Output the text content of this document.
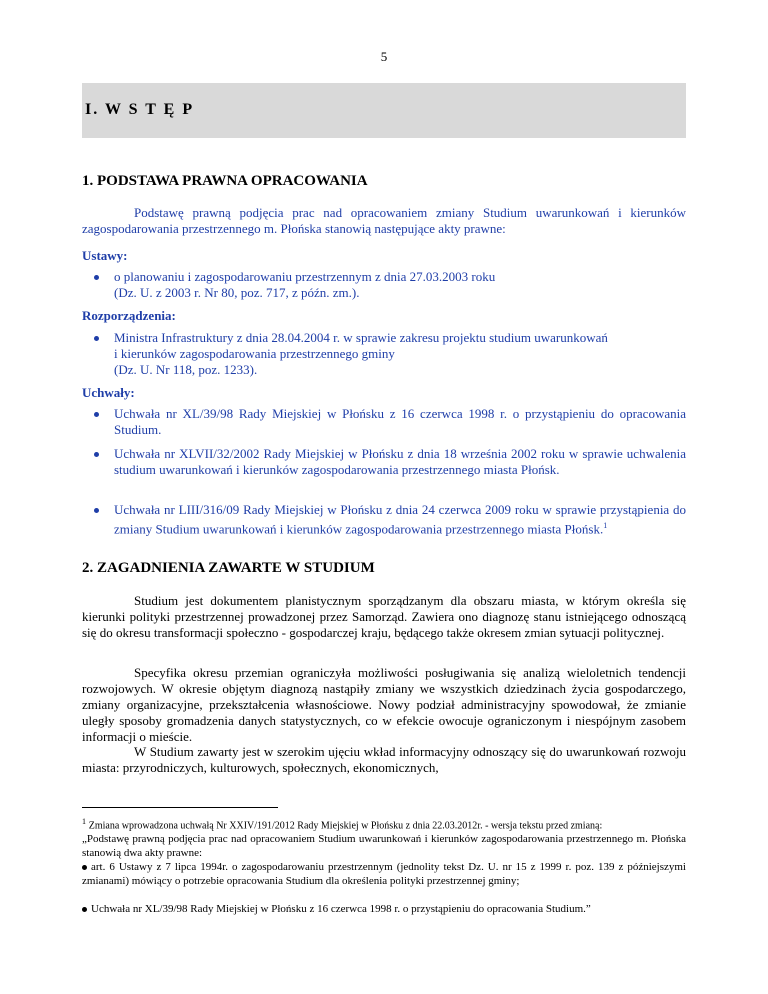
5
I. W S T Ę P
1. PODSTAWA PRAWNA OPRACOWANIA
Podstawę prawną podjęcia prac nad opracowaniem zmiany Studium uwarunkowań i kierunków zagospodarowania przestrzennego m. Płońska stanowią następujące akty prawne:
Ustawy:
o planowaniu i zagospodarowaniu przestrzennym z dnia 27.03.2003 roku
(Dz. U. z 2003 r. Nr 80, poz. 717, z późn. zm.).
Rozporządzenia:
Ministra Infrastruktury z dnia 28.04.2004 r. w sprawie zakresu projektu studium uwarunkowań
i kierunków zagospodarowania przestrzennego gminy
(Dz. U. Nr 118, poz. 1233).
Uchwały:
Uchwała nr XL/39/98 Rady Miejskiej w Płońsku z 16 czerwca 1998 r. o przystąpieniu do opracowania Studium.
Uchwała nr XLVII/32/2002 Rady Miejskiej w Płońsku z dnia 18 września 2002 roku w sprawie uchwalenia studium uwarunkowań i kierunków zagospodarowania przestrzennego miasta Płońsk.
Uchwała nr LIII/316/09 Rady Miejskiej w Płońsku z dnia 24 czerwca 2009 roku w sprawie przystąpienia do zmiany Studium uwarunkowań i kierunków zagospodarowania przestrzennego miasta Płońsk.$^1$
2. ZAGADNIENIA ZAWARTE W STUDIUM
Studium jest dokumentem planistycznym sporządzanym dla obszaru miasta, w którym określa się kierunki polityki przestrzennej prowadzonej przez Samorząd. Zawiera ono diagnozę stanu istniejącego odnoszącą się do okresu transformacji społeczno - gospodarczej kraju, będącego także okresem zmian sytuacji politycznej.
Specyfika okresu przemian ograniczyła możliwości posługiwania się analizą wieloletnich tendencji rozwojowych. W okresie objętym diagnozą nastąpiły zmiany we wszystkich dziedzinach życia gospodarczego, zmiany organizacyjne, przekształcenia własnościowe. Nowy podział administracyjny spowodował, że zmianie uległy sposoby gromadzenia danych statystycznych, co w efekcie owocuje ograniczonym i niespójnym zasobem informacji o mieście.
W Studium zawarty jest w szerokim ujęciu wkład informacyjny odnoszący się do uwarunkowań rozwoju miasta: przyrodniczych, kulturowych, społecznych, ekonomicznych,
$^1$ Zmiana wprowadzona uchwałą Nr XXIV/191/2012 Rady Miejskiej w Płońsku z dnia 22.03.2012r. - wersja tekstu przed zmianą:
„Podstawę prawną podjęcia prac nad opracowaniem Studium uwarunkowań i kierunków zagospodarowania przestrzennego m. Płońska stanowią dwa akty prawne:
art. 6 Ustawy z 7 lipca 1994r. o zagospodarowaniu przestrzennym (jednolity tekst Dz. U. nr 15 z 1999 r. poz. 139 z późniejszymi zmianami) mówiący o potrzebie opracowania Studium dla określenia polityki przestrzennej gminy;
Uchwała nr XL/39/98 Rady Miejskiej w Płońsku z 16 czerwca 1998 r. o przystąpieniu do opracowania Studium.”
